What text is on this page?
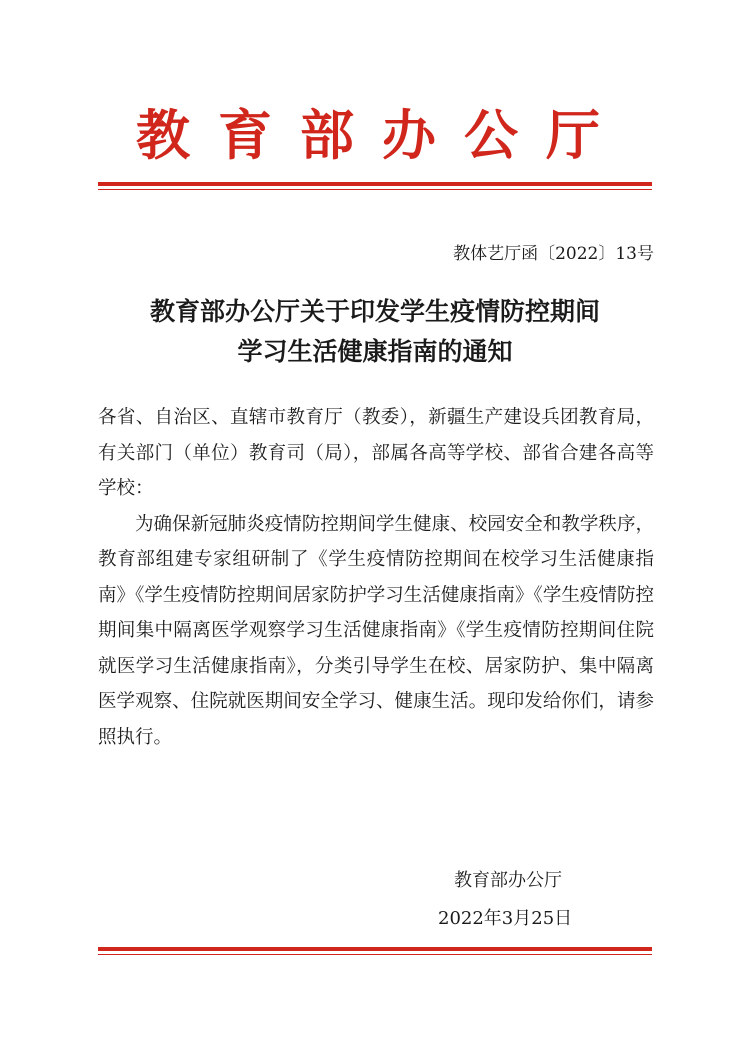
教育部办公厅
教体艺厅函〔2022〕13号
教育部办公厅关于印发学生疫情防控期间
学习生活健康指南的通知

各省、自治区、直辖市教育厅（教委），新疆生产建设兵团教育局，有关部门（单位）教育司（局），部属各高等学校、部省合建各高等学校：

为确保新冠肺炎疫情防控期间学生健康、校园安全和教学秩序，教育部组建专家组研制了《学生疫情防控期间在校学习生活健康指南》《学生疫情防控期间居家防护学习生活健康指南》《学生疫情防控期间集中隔离医学观察学习生活健康指南》《学生疫情防控期间住院就医学习生活健康指南》，分类引导学生在校、居家防护、集中隔离医学观察、住院就医期间安全学习、健康生活。现印发给你们，请参照执行。

教育部办公厅
2022年3月25日
